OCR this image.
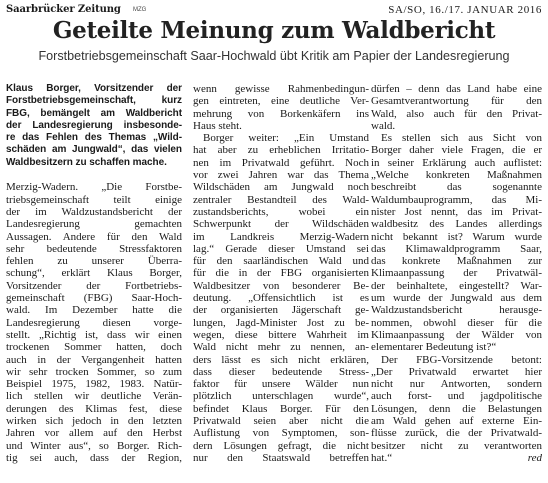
Saarbrücker Zeitung MZG	SA/SO, 16./17. JANUAR 2016
Geteilte Meinung zum Waldbericht
Forstbetriebsgemeinschaft Saar-Hochwald übt Kritik am Papier der Landesregierung
Klaus Borger, Vorsitzender der
Forstbetriebsgemeinschaft, kurz
FBG, bemängelt am Waldbericht
der Landesregierung insbesonde-
re das Fehlen des Themas „Wild-
schäden am Jungwald“, das vielen
Waldbesitzern zu schaffen mache.
Merzig-Wadern. „Die Forstbe-
triebsgemeinschaft teilt einige
der im Waldzustandsbericht der
Landesregierung gemachten
Aussagen. Andere für den Wald
sehr bedeutende Stressfaktoren
fehlen zu unserer Überra-
schung“, erklärt Klaus Borger,
Vorsitzender der Fortbetriebs-
gemeinschaft (FBG) Saar-Hoch-
wald. Im Dezember hatte die
Landesregierung diesen vorge-
stellt. „Richtig ist, dass wir einen
trockenen Sommer hatten, doch
auch in der Vergangenheit hatten
wir sehr trocken Sommer, so zum
Beispiel 1975, 1982, 1983. Natür-
lich stellen wir deutliche Verän-
derungen des Klimas fest, diese
wirken sich jedoch in den letzten
Jahren vor allem auf den Herbst
und Winter aus“, so Borger. Rich-
tig sei auch, dass der Region,
wenn gewisse Rahmenbedingun-
gen eintreten, eine deutliche Ver-
mehrung von Borkenkäfern ins
Haus steht.
Borger weiter: „Ein Umstand
hat aber zu erheblichen Irritatio-
nen im Privatwald geführt. Noch
vor zwei Jahren war das Thema
Wildschäden am Jungwald noch
zentraler Bestandteil des Wald-
zustandsberichts, wobei ein
Schwerpunkt der Wildschäden
im Landkreis Merzig-Wadern
lag.“ Gerade dieser Umstand sei
für den saarländischen Wald und
für die in der FBG organisierten
Waldbesitzer von besonderer Be-
deutung. „Offensichtlich ist es
der organisierten Jägerschaft ge-
lungen, Jagd-Minister Jost zu be-
wegen, diese bittere Wahrheit im
Wald nicht mehr zu nennen, an-
ders lässt es sich nicht erklären,
dass dieser bedeutende Stress-
faktor für unsere Wälder nun
plötzlich unterschlagen wurde“,
befindet Klaus Borger. Für den
Privatwald seien aber nicht die
Auflistung von Symptomen, son-
dern Lösungen gefragt, die nicht
nur den Staatswald betreffen
dürfen – denn das Land habe eine
Gesamtverantwortung für den
Wald, also auch für den Privat-
wald.
Es stellen sich aus Sicht von
Borger daher viele Fragen, die er
in seiner Erklärung auch auflistet:
„Welche konkreten Maßnahmen
beschreibt das sogenannte
Waldumbauprogramm, das Mi-
nister Jost nennt, das im Privat-
waldbesitz des Landes allerdings
nicht bekannt ist? Warum wurde
das Klimawaldprogramm Saar,
das konkrete Maßnahmen zur
Klimaanpassung der Privatwäl-
der beinhaltete, eingestellt? War-
um wurde der Jungwald aus dem
Waldzustandsbericht herausge-
nommen, obwohl dieser für die
Klimaanpassung der Wälder von
elementarer Bedeutung ist?“
Der FBG-Vorsitzende betont:
„Der Privatwald erwartet hier
nicht nur Antworten, sondern
auch forst- und jagdpolitische
Lösungen, denn die Belastungen
am Wald gehen auf externe Ein-
flüsse zurück, die der Privatwald-
besitzer nicht zu verantworten
hat.“	red
